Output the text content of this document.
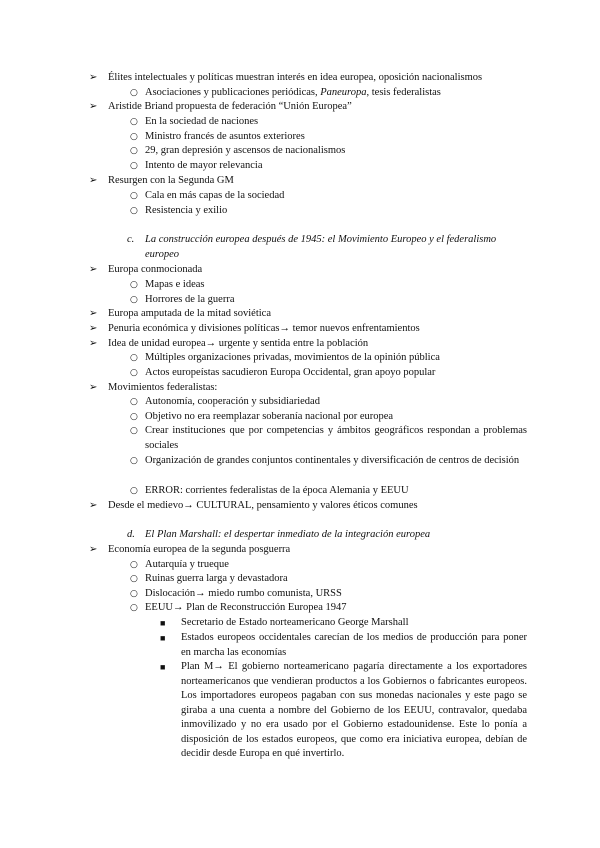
➢	Élites intelectuales y políticas muestran interés en idea europea, oposición nacionalismos
○ Asociaciones y publicaciones periódicas, Paneuropa, tesis federalistas
➢	Aristide Briand propuesta de federación “Unión Europea”
○ En la sociedad de naciones
○ Ministro francés de asuntos exteriores
○ 29, gran depresión y ascensos de nacionalismos
○ Intento de mayor relevancia
➢	Resurgen con la Segunda GM
○ Cala en más capas de la sociedad
○ Resistencia y exilio
c. La construcción europea después de 1945: el Movimiento Europeo y el federalismo europeo
➢	Europa conmocionada
○ Mapas e ideas
○ Horrores de la guerra
➢	Europa amputada de la mitad soviética
➢	Penuria económica y divisiones políticas→ temor nuevos enfrentamientos
➢	Idea de unidad europea→ urgente y sentida entre la población
○ Múltiples organizaciones privadas, movimientos de la opinión pública
○ Actos europeístas sacudieron Europa Occidental, gran apoyo popular
➢	Movimientos federalistas:
○ Autonomía, cooperación y subsidiariedad
○ Objetivo no era reemplazar soberanía nacional por europea
○ Crear instituciones que por competencias y ámbitos geográficos respondan a problemas sociales
○ Organización de grandes conjuntos continentales y diversificación de centros de decisión
○ ERROR: corrientes federalistas de la época Alemania y EEUU
➢	Desde el medievo→ CULTURAL, pensamiento y valores éticos comunes
d. El Plan Marshall: el despertar inmediato de la integración europea
➢	Economía europea de la segunda posguerra
○ Autarquía y trueque
○ Ruinas guerra larga y devastadora
○ Dislocación→ miedo rumbo comunista, URSS
○ EEUU→ Plan de Reconstrucción Europea 1947
■ Secretario de Estado norteamericano George Marshall
■ Estados europeos occidentales carecían de los medios de producción para poner en marcha las economías
■ Plan M→ El gobierno norteamericano pagaría directamente a los exportadores norteamericanos que vendieran productos a los Gobiernos o fabricantes europeos. Los importadores europeos pagaban con sus monedas nacionales y este pago se giraba a una cuenta a nombre del Gobierno de los EEUU, contravalor, quedaba inmovilizado y no era usado por el Gobierno estadounidense. Este lo ponía a disposición de los estados europeos, que como era iniciativa europea, debían de decidir desde Europa en qué invertirlo.
